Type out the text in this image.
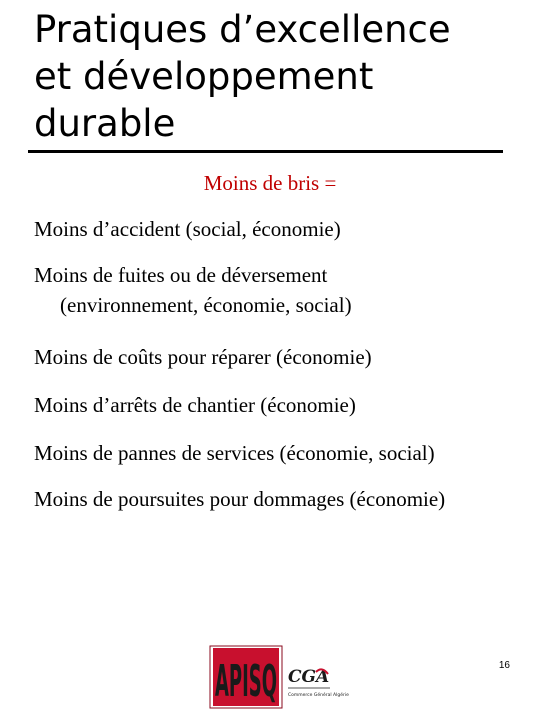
Pratiques d’excellence
et développement
durable
Moins de bris =
Moins d’accident (social, économie)
Moins de fuites ou de déversement
(environnement, économie, social)
Moins de coûts pour réparer (économie)
Moins d’arrêts de chantier (économie)
Moins de pannes de services (économie, social)
Moins de poursuites pour dommages (économie)
APISQ CGA
Commerce Général Algérie
16
